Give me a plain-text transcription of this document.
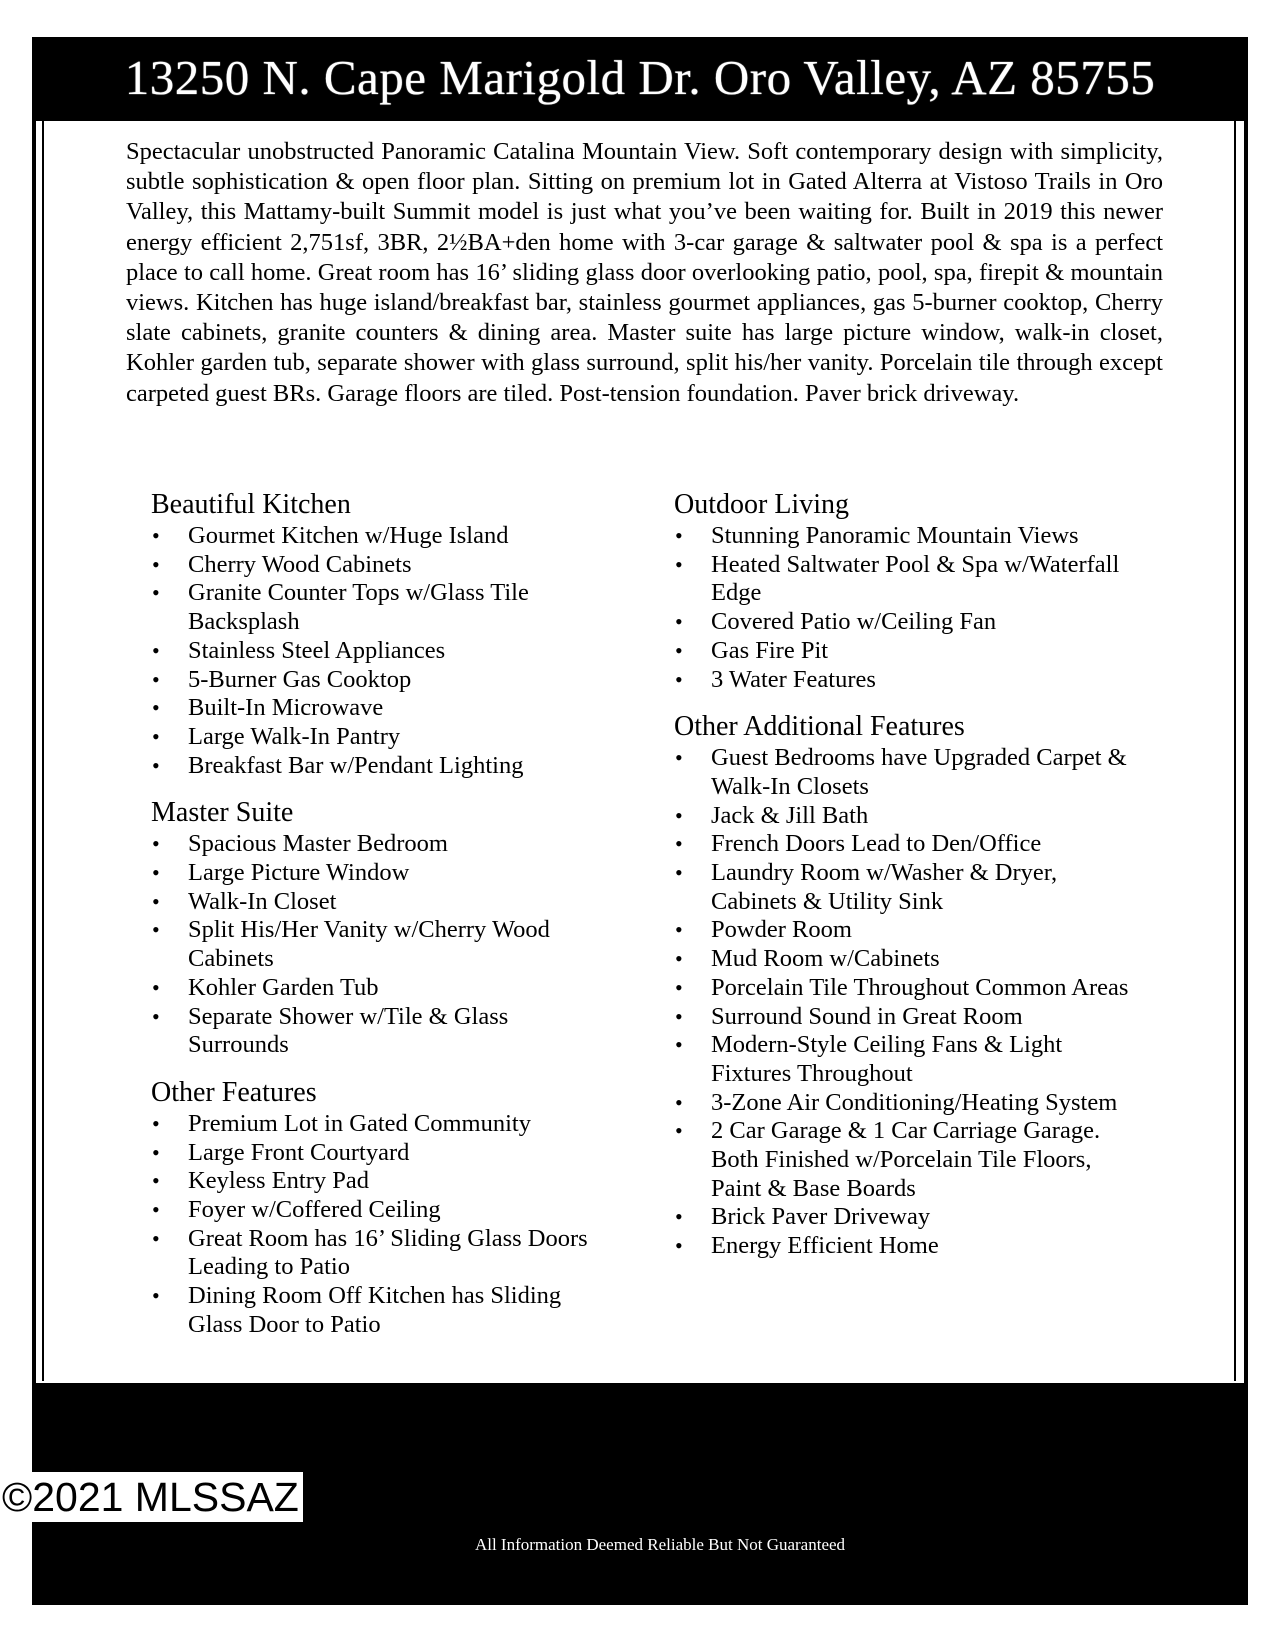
13250 N. Cape Marigold Dr. Oro Valley, AZ 85755

Spectacular unobstructed Panoramic Catalina Mountain View. Soft contemporary design with simplicity, subtle sophistication & open floor plan. Sitting on premium lot in Gated Alterra at Vistoso Trails in Oro Valley, this Mattamy-built Summit model is just what you’ve been waiting for. Built in 2019 this newer energy efficient 2,751sf, 3BR, 2½BA+den home with 3-car garage & saltwater pool & spa is a perfect place to call home. Great room has 16’ sliding glass door overlooking patio, pool, spa, firepit & mountain views. Kitchen has huge island/breakfast bar, stainless gourmet appliances, gas 5-burner cooktop, Cherry slate cabinets, granite counters & dining area. Master suite has large picture window, walk-in closet, Kohler garden tub, separate shower with glass surround, split his/her vanity. Porcelain tile through except carpeted guest BRs. Garage floors are tiled. Post-tension foundation. Paver brick driveway.

Beautiful Kitchen
• Gourmet Kitchen w/Huge Island
• Cherry Wood Cabinets
• Granite Counter Tops w/Glass Tile Backsplash
• Stainless Steel Appliances
• 5-Burner Gas Cooktop
• Built-In Microwave
• Large Walk-In Pantry
• Breakfast Bar w/Pendant Lighting
Master Suite
• Spacious Master Bedroom
• Large Picture Window
• Walk-In Closet
• Split His/Her Vanity w/Cherry Wood Cabinets
• Kohler Garden Tub
• Separate Shower w/Tile & Glass Surrounds
Other Features
• Premium Lot in Gated Community
• Large Front Courtyard
• Keyless Entry Pad
• Foyer w/Coffered Ceiling
• Great Room has 16’ Sliding Glass Doors Leading to Patio
• Dining Room Off Kitchen has Sliding Glass Door to Patio
Outdoor Living
• Stunning Panoramic Mountain Views
• Heated Saltwater Pool & Spa w/Waterfall Edge
• Covered Patio w/Ceiling Fan
• Gas Fire Pit
• 3 Water Features
Other Additional Features
• Guest Bedrooms have Upgraded Carpet & Walk-In Closets
• Jack & Jill Bath
• French Doors Lead to Den/Office
• Laundry Room w/Washer & Dryer, Cabinets & Utility Sink
• Powder Room
• Mud Room w/Cabinets
• Porcelain Tile Throughout Common Areas
• Surround Sound in Great Room
• Modern-Style Ceiling Fans & Light Fixtures Throughout
• 3-Zone Air Conditioning/Heating System
• 2 Car Garage & 1 Car Carriage Garage. Both Finished w/Porcelain Tile Floors, Paint & Base Boards
• Brick Paver Driveway
• Energy Efficient Home
All Information Deemed Reliable But Not Guaranteed
©2021 MLSSAZ
